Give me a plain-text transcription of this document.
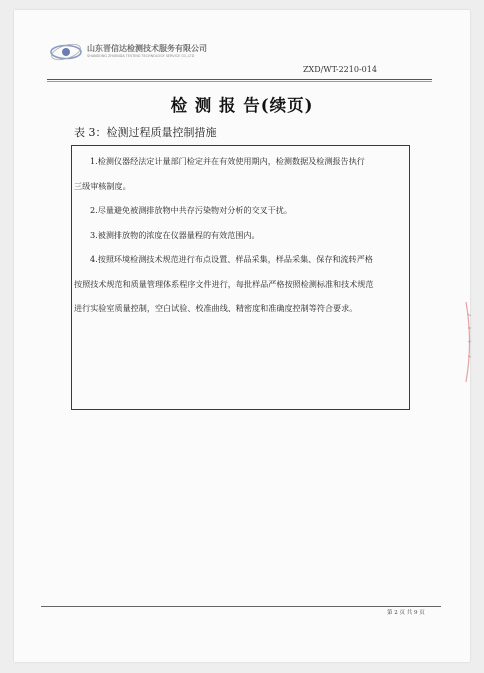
山东晋信达检测技术服务有限公司
SHANDONG ZHIXINDA TESTING TECHNOLOGY SERVICE CO.,LTD
ZXD/WT-2210-014
检 测 报 告(续页)
表 3：检测过程质量控制措施
1.检测仪器经法定计量部门检定并在有效使用期内，检测数据及检测报告执行
三级审核制度。
2.尽量避免被测排放物中共存污染物对分析的交叉干扰。
3.被测排放物的浓度在仪器量程的有效范围内。
4.按照环境检测技术规范进行布点设置、样品采集，样品采集、保存和流转严格
按照技术规范和质量管理体系程序文件进行，每批样品严格按照检测标准和技术规范
进行实验室质量控制，空白试验、校准曲线、精密度和准确度控制等符合要求。
第 2 页 共 9 页
